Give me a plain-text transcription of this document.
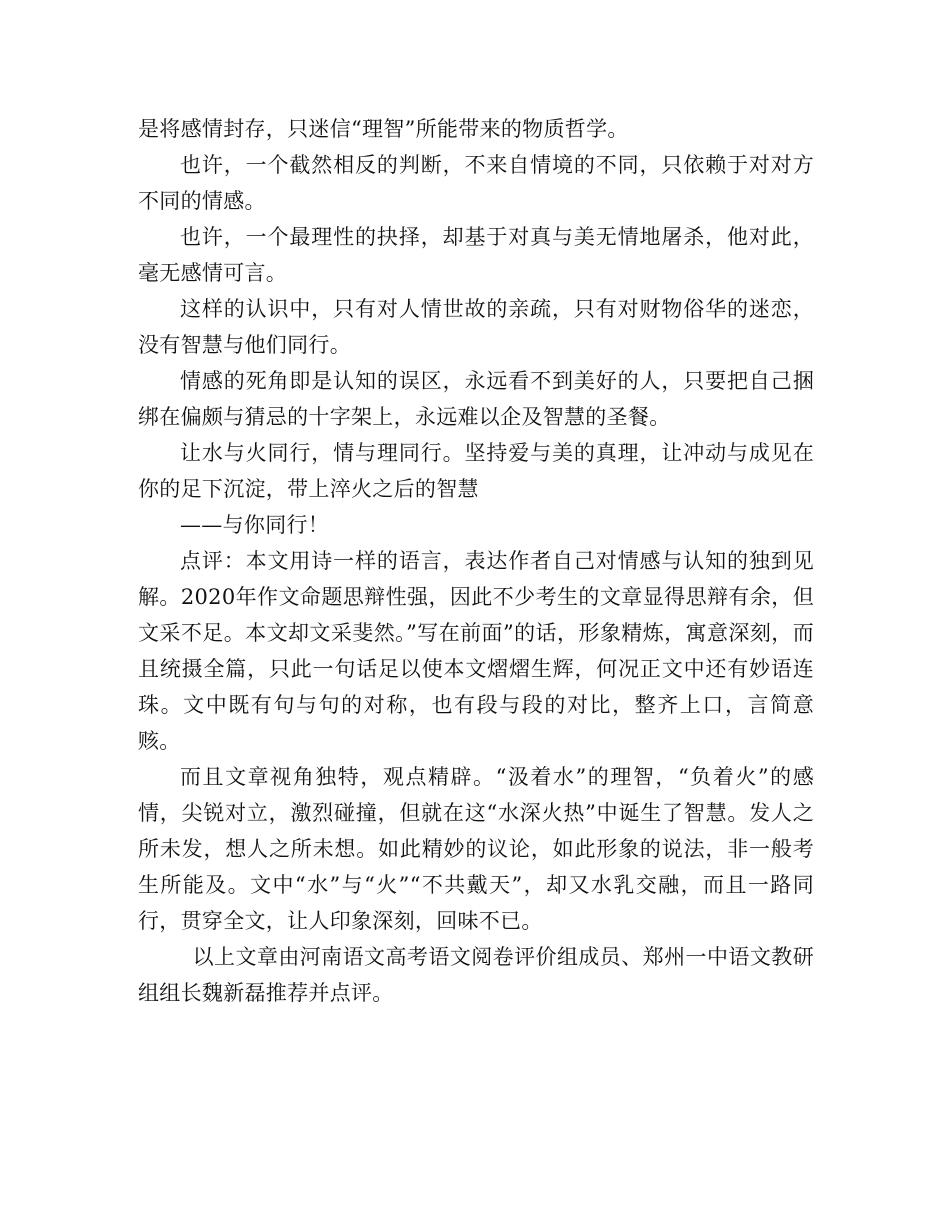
是将感情封存，只迷信“理智”所能带来的物质哲学。

也许，一个截然相反的判断，不来自情境的不同，只依赖于对对方不同的情感。

也许，一个最理性的抉择，却基于对真与美无情地屠杀，他对此，毫无感情可言。

这样的认识中，只有对人情世故的亲疏，只有对财物俗华的迷恋，没有智慧与他们同行。

情感的死角即是认知的误区，永远看不到美好的人，只要把自己捆绑在偏颇与猜忌的十字架上，永远难以企及智慧的圣餐。

让水与火同行，情与理同行。坚持爱与美的真理，让冲动与成见在你的足下沉淀，带上淬火之后的智慧

——与你同行！

点评：本文用诗一样的语言，表达作者自己对情感与认知的独到见解。2020年作文命题思辩性强，因此不少考生的文章显得思辩有余，但文采不足。本文却文采斐然。”写在前面”的话，形象精炼，寓意深刻，而且统摄全篇，只此一句话足以使本文熠熠生辉，何况正文中还有妙语连珠。文中既有句与句的对称，也有段与段的对比，整齐上口，言简意赅。

而且文章视角独特，观点精辟。“汲着水”的理智，“负着火”的感情，尖锐对立，激烈碰撞，但就在这“水深火热”中诞生了智慧。发人之所未发，想人之所未想。如此精妙的议论，如此形象的说法，非一般考生所能及。文中“水”与“火”“不共戴天”，却又水乳交融，而且一路同行，贯穿全文，让人印象深刻，回味不已。

以上文章由河南语文高考语文阅卷评价组成员、郑州一中语文教研组组长魏新磊推荐并点评。
